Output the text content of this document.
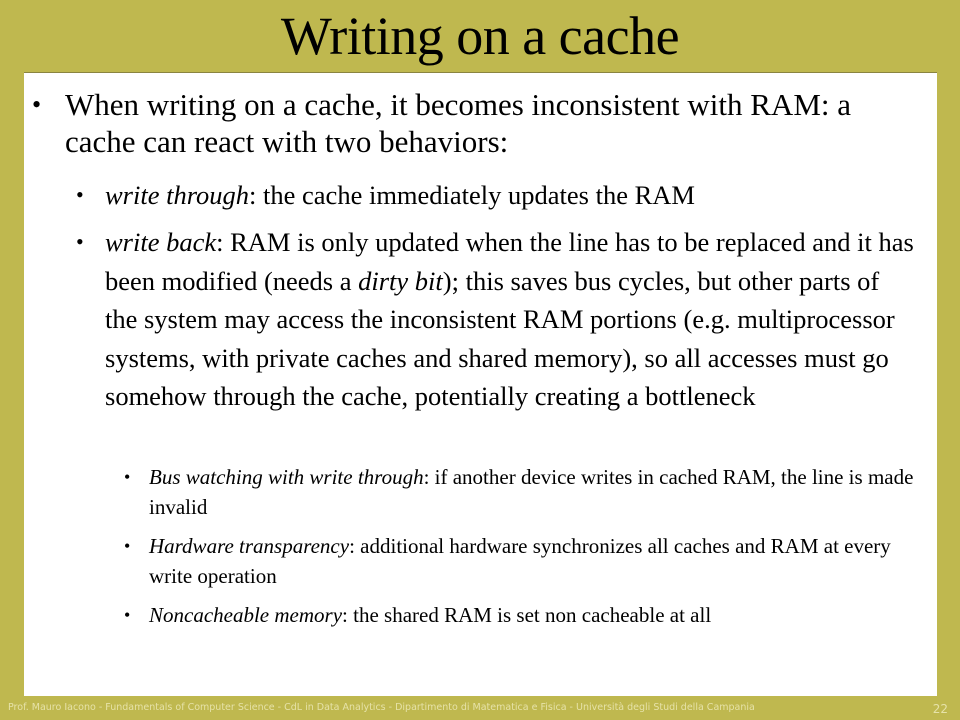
Writing on a cache
• When writing on a cache, it becomes inconsistent with RAM: a cache can react with two behaviors:
• write through: the cache immediately updates the RAM
• write back: RAM is only updated when the line has to be replaced and it has been modified (needs a dirty bit); this saves bus cycles, but other parts of the system may access the inconsistent RAM portions (e.g. multiprocessor systems, with private caches and shared memory), so all accesses must go somehow through the cache, potentially creating a bottleneck
• Bus watching with write through: if another device writes in cached RAM, the line is made invalid
• Hardware transparency: additional hardware synchronizes all caches and RAM at every write operation
• Noncacheable memory: the shared RAM is set non cacheable at all
Prof. Mauro Iacono - Fundamentals of Computer Science - CdL in Data Analytics - Dipartimento di Matematica e Fisica - Università degli Studi della Campania	22
